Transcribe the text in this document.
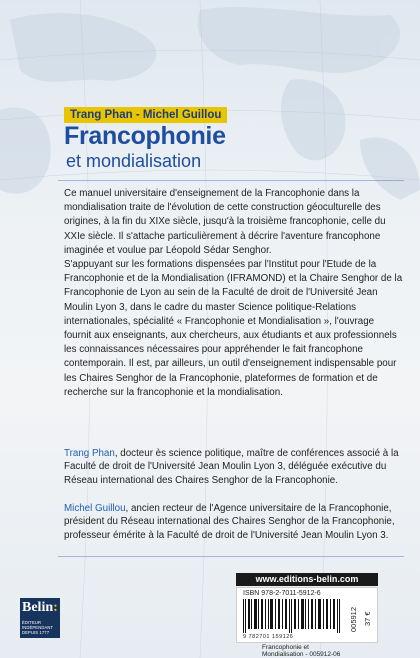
Trang Phan - Michel Guillou
Francophonie
et mondialisation

Ce manuel universitaire d'enseignement de la Francophonie dans la mondialisation traite de l'évolution de cette construction géoculturelle des origines, à la fin du XIXe siècle, jusqu'à la troisième francophonie, celle du XXIe siècle. Il s'attache particulièrement à décrire l'aventure francophone imaginée et voulue par Léopold Sédar Senghor.

S'appuyant sur les formations dispensées par l'Institut pour l'Etude de la Francophonie et de la Mondialisation (IFRAMOND) et la Chaire Senghor de la Francophonie de Lyon au sein de la Faculté de droit de l'Université Jean Moulin Lyon 3, dans le cadre du master Science politique-Relations internationales, spécialité « Francophonie et Mondialisation », l'ouvrage fournit aux enseignants, aux chercheurs, aux étudiants et aux professionnels les connaissances nécessaires pour appréhender le fait francophone contemporain. Il est, par ailleurs, un outil d'enseignement indispensable pour les Chaires Senghor de la Francophonie, plateformes de formation et de recherche sur la francophonie et la mondialisation.

Trang Phan, docteur ès science politique, maître de conférences associé à la Faculté de droit de l'Université Jean Moulin Lyon 3, déléguée exécutive du Réseau international des Chaires Senghor de la Francophonie.
Michel Guillou, ancien recteur de l'Agence universitaire de la Francophonie, président du Réseau international des Chaires Senghor de la Francophonie, professeur émérite à la Faculté de droit de l'Université Jean Moulin Lyon 3.
Belin:
ÉDITEUR INDÉPENDANT
DEPUIS 1777
www.editions-belin.com
ISBN 978-2-7011-5912-6
9 782701 159126
005912 37 €
Francophonie et
Mondialisation - 005912-06
